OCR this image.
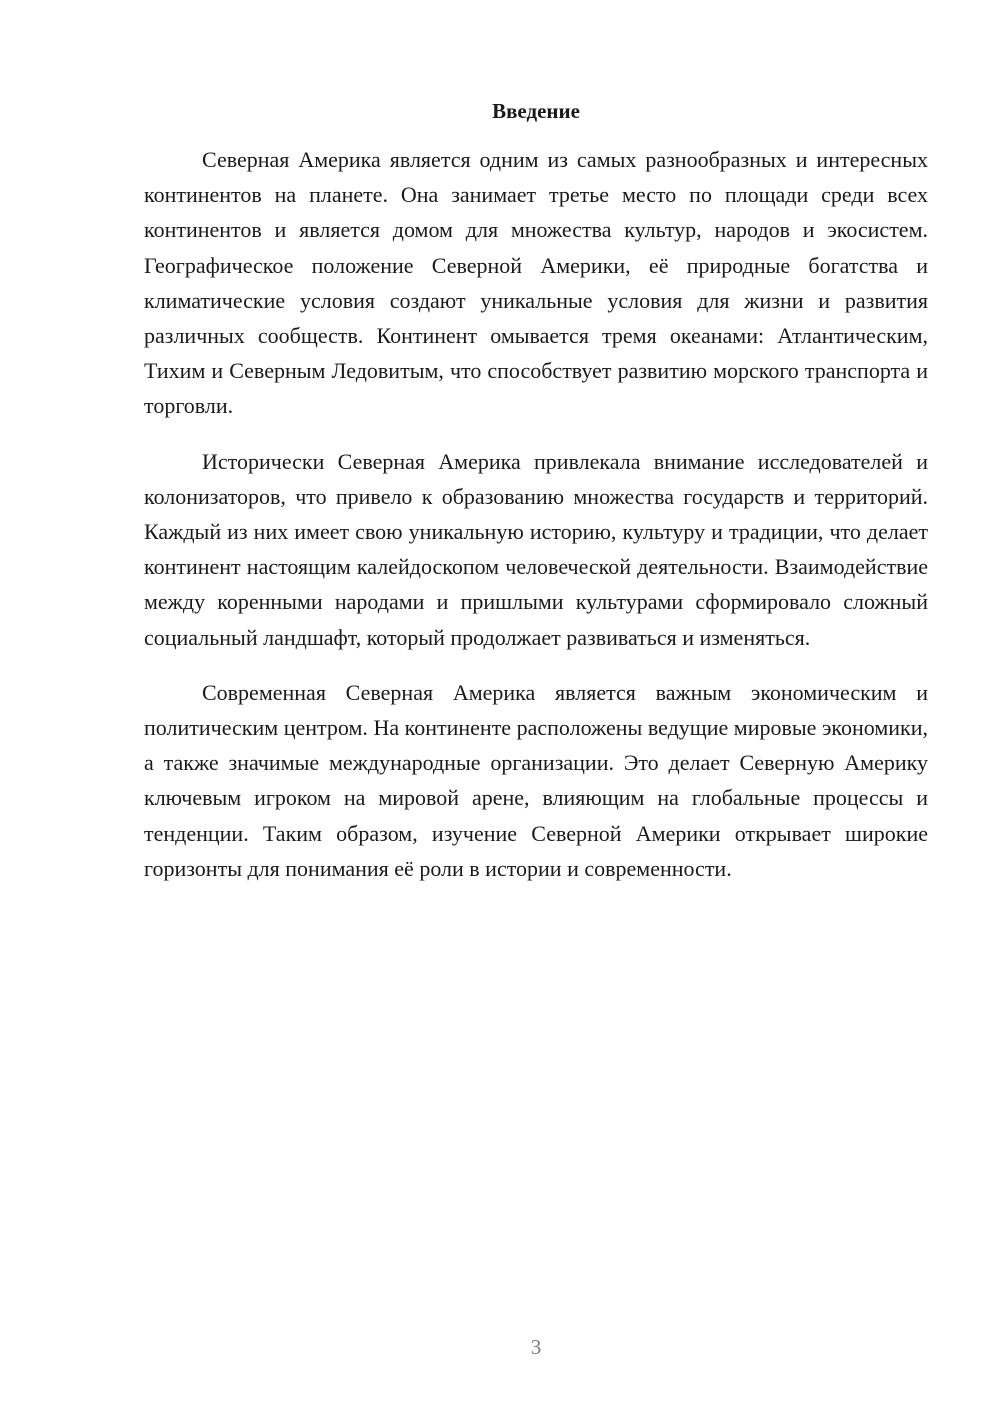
Введение

Северная Америка является одним из самых разнообразных и интересных континентов на планете. Она занимает третье место по площади среди всех континентов и является домом для множества культур, народов и экосистем. Географическое положение Северной Америки, её природные богатства и климатические условия создают уникальные условия для жизни и развития различных сообществ. Континент омывается тремя океанами: Атлантическим, Тихим и Северным Ледовитым, что способствует развитию морского транспорта и торговли.

Исторически Северная Америка привлекала внимание исследователей и колонизаторов, что привело к образованию множества государств и территорий. Каждый из них имеет свою уникальную историю, культуру и традиции, что делает континент настоящим калейдоскопом человеческой деятельности. Взаимодействие между коренными народами и пришлыми культурами сформировало сложный социальный ландшафт, который продолжает развиваться и изменяться.

Современная Северная Америка является важным экономическим и политическим центром. На континенте расположены ведущие мировые экономики, а также значимые международные организации. Это делает Северную Америку ключевым игроком на мировой арене, влияющим на глобальные процессы и тенденции. Таким образом, изучение Северной Америки открывает широкие горизонты для понимания её роли в истории и современности.

3
